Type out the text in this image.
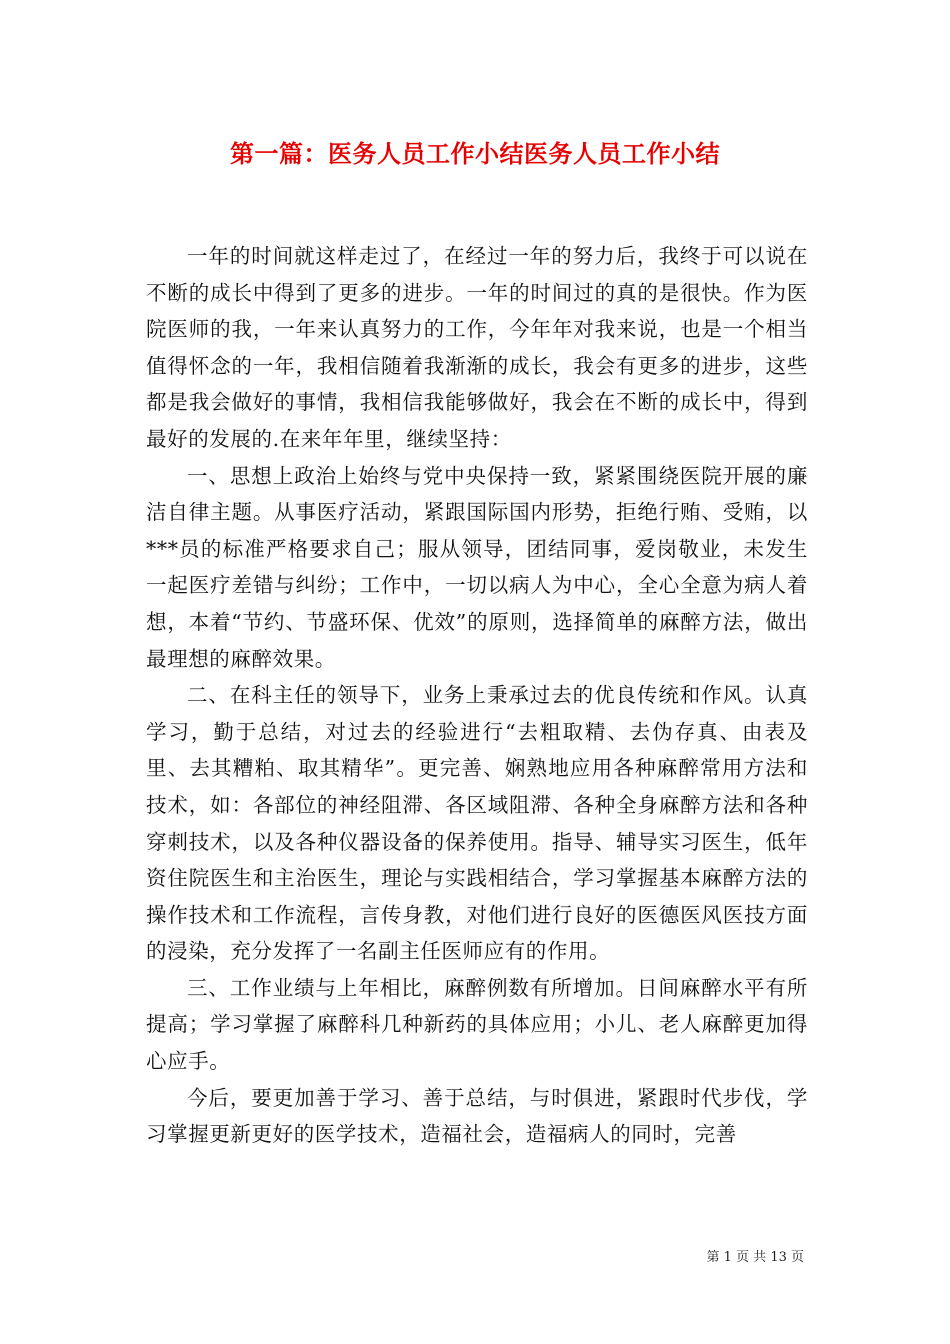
第一篇：医务人员工作小结医务人员工作小结

一年的时间就这样走过了，在经过一年的努力后，我终于可以说在不断的成长中得到了更多的进步。一年的时间过的真的是很快。作为医院医师的我，一年来认真努力的工作，今年年对我来说，也是一个相当值得怀念的一年，我相信随着我渐渐的成长，我会有更多的进步，这些都是我会做好的事情，我相信我能够做好，我会在不断的成长中，得到最好的发展的.在来年年里，继续坚持：

一、思想上政治上始终与党中央保持一致，紧紧围绕医院开展的廉洁自律主题。从事医疗活动，紧跟国际国内形势，拒绝行贿、受贿，以***员的标准严格要求自己；服从领导，团结同事，爱岗敬业，未发生一起医疗差错与纠纷；工作中，一切以病人为中心，全心全意为病人着想，本着“节约、节盛环保、优效”的原则，选择简单的麻醉方法，做出最理想的麻醉效果。

二、在科主任的领导下，业务上秉承过去的优良传统和作风。认真学习，勤于总结，对过去的经验进行“去粗取精、去伪存真、由表及里、去其糟粕、取其精华”。更完善、娴熟地应用各种麻醉常用方法和技术，如：各部位的神经阻滞、各区域阻滞、各种全身麻醉方法和各种穿刺技术，以及各种仪器设备的保养使用。指导、辅导实习医生，低年资住院医生和主治医生，理论与实践相结合，学习掌握基本麻醉方法的操作技术和工作流程，言传身教，对他们进行良好的医德医风医技方面的浸染，充分发挥了一名副主任医师应有的作用。

三、工作业绩与上年相比，麻醉例数有所增加。日间麻醉水平有所提高；学习掌握了麻醉科几种新药的具体应用；小儿、老人麻醉更加得心应手。

今后，要更加善于学习、善于总结，与时俱进，紧跟时代步伐，学习掌握更新更好的医学技术，造福社会，造福病人的同时，完善

第 1 页 共 13 页
